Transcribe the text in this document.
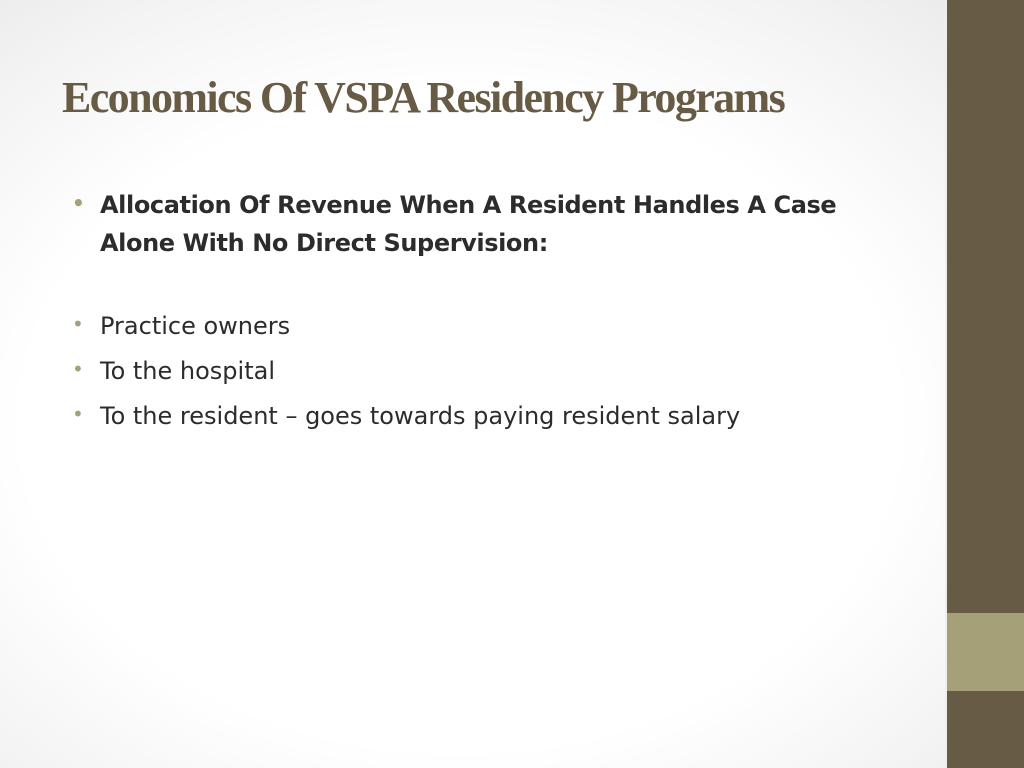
Economics Of VSPA Residency Programs
• Allocation Of Revenue When A Resident Handles A Case Alone With No Direct Supervision:
• Practice owners
• To the hospital
• To the resident – goes towards paying resident salary
